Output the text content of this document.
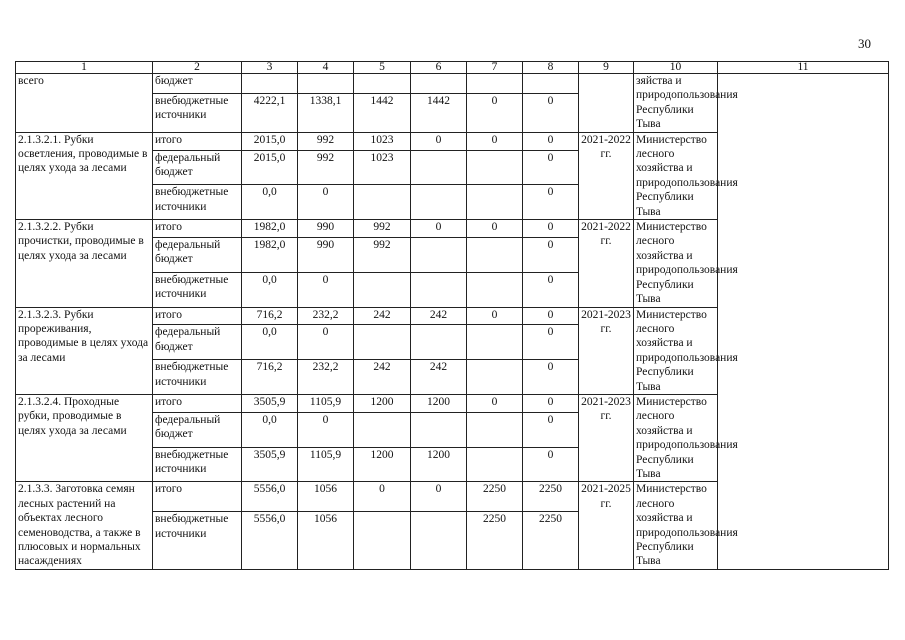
30
1	2	3	4	5	6	7	8	9	10	11
всего	бюджет								зяйства и природопользования Республики Тыва	
	внебюджетные источники	4222,1	1338,1	1442	1442	0	0			
2.1.3.2.1. Рубки осветления, проводимые в целях ухода за лесами	итого	2015,0	992	1023	0	0	0	2021-2022 гг.	Министерство лесного хозяйства и природопользования Республики Тыва	
	федеральный бюджет	2015,0	992	1023			0			
	внебюджетные источники	0,0	0				0			
2.1.3.2.2. Рубки прочистки, проводимые в целях ухода за лесами	итого	1982,0	990	992	0	0	0	2021-2022 гг.	Министерство лесного хозяйства и природопользования Республики Тыва	
	федеральный бюджет	1982,0	990	992			0			
	внебюджетные источники	0,0	0				0			
2.1.3.2.3. Рубки прореживания, проводимые в целях ухода за лесами	итого	716,2	232,2	242	242	0	0	2021-2023 гг.	Министерство лесного хозяйства и природопользования Республики Тыва	
	федеральный бюджет	0,0	0				0			
	внебюджетные источники	716,2	232,2	242	242		0			
2.1.3.2.4. Проходные рубки, проводимые в целях ухода за лесами	итого	3505,9	1105,9	1200	1200	0	0	2021-2023 гг.	Министерство лесного хозяйства и природопользования Республики Тыва	
	федеральный бюджет	0,0	0				0			
	внебюджетные источники	3505,9	1105,9	1200	1200		0			
2.1.3.3. Заготовка семян лесных растений на объектах лесного семеноводства, а также в плюсовых и нормальных насаждениях	итого	5556,0	1056	0	0	2250	2250	2021-2025 гг.	Министерство лесного хозяйства и природопользования Республики Тыва	
	внебюджетные источники	5556,0	1056			2250	2250			
